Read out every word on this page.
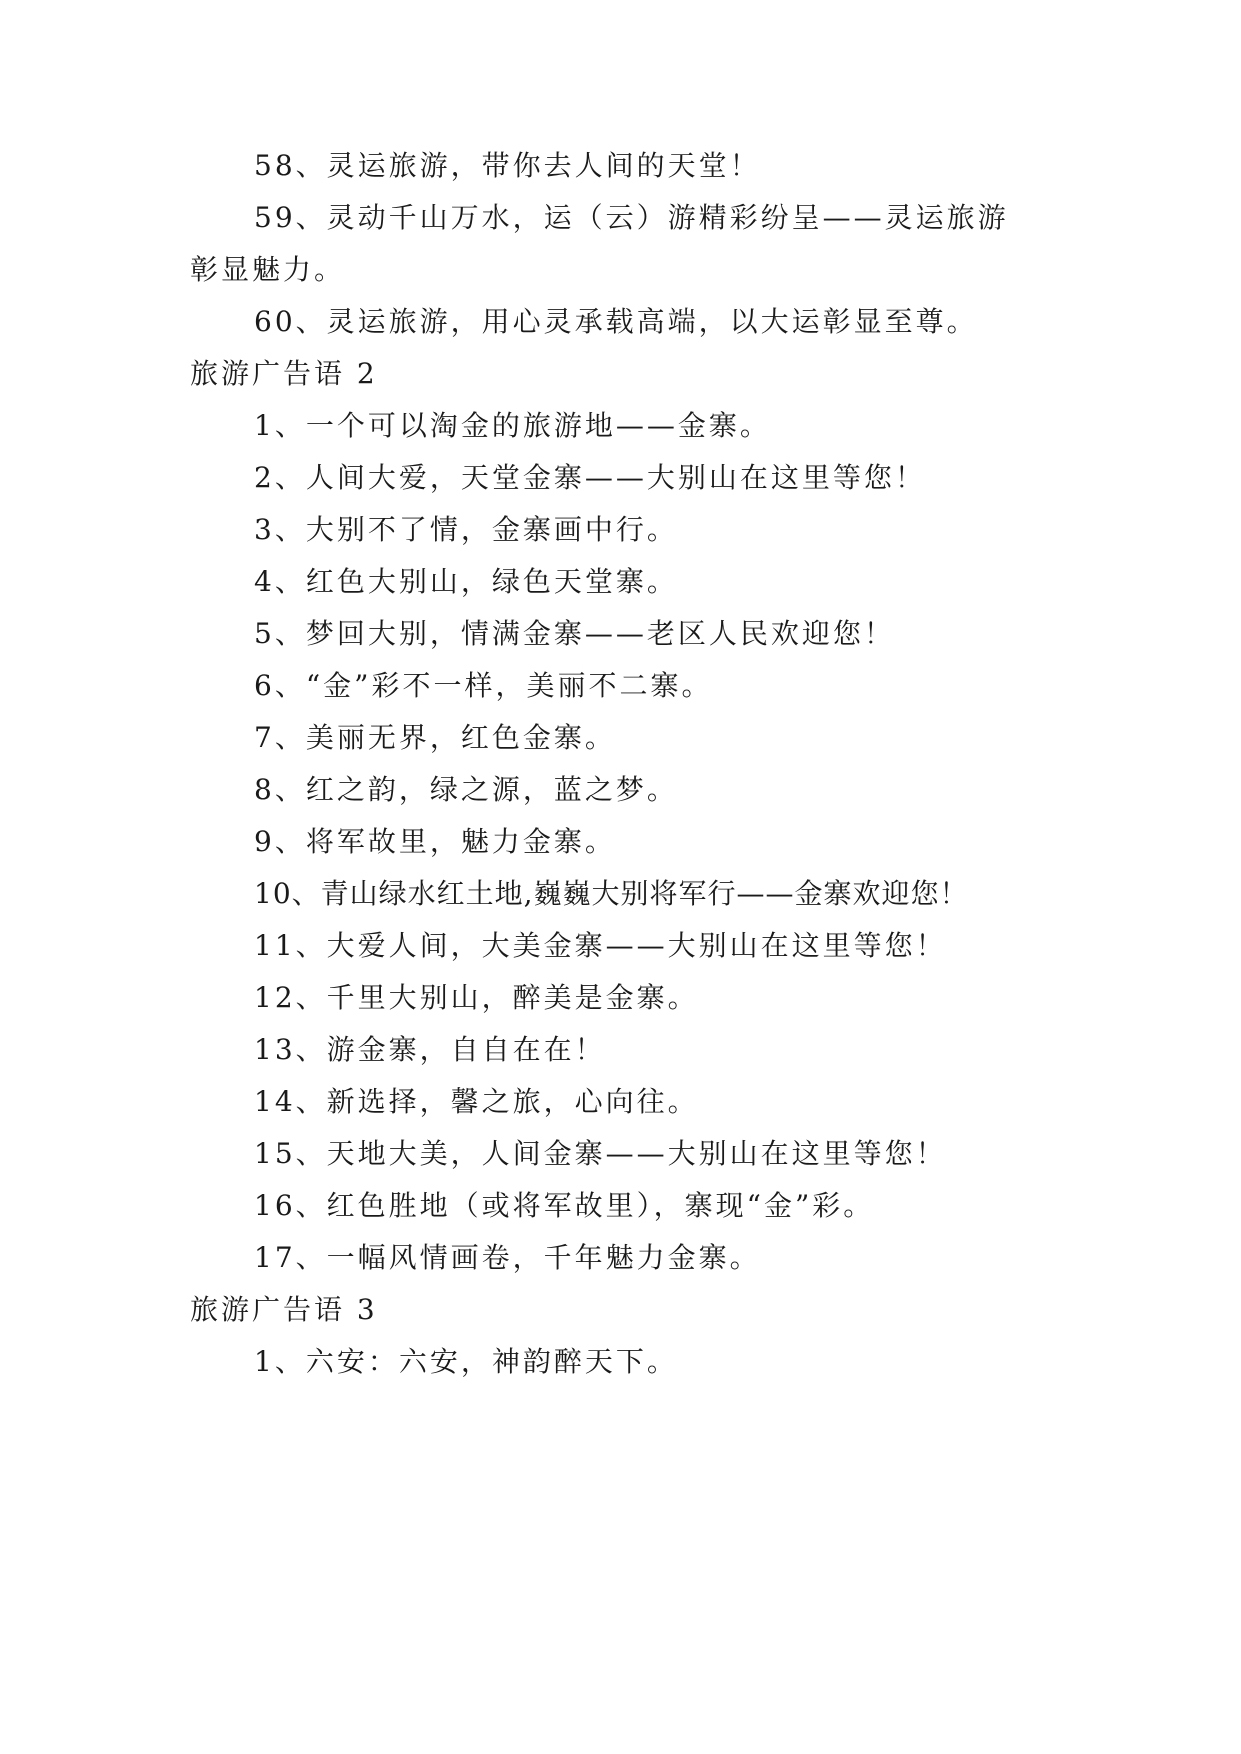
58、灵运旅游，带你去人间的天堂！
59、灵动千山万水，运（云）游精彩纷呈——灵运旅游
彰显魅力。
60、灵运旅游，用心灵承载高端，以大运彰显至尊。
旅游广告语 2
1、一个可以淘金的旅游地——金寨。
2、人间大爱，天堂金寨——大别山在这里等您！
3、大别不了情，金寨画中行。
4、红色大别山，绿色天堂寨。
5、梦回大别，情满金寨——老区人民欢迎您！
6、“金”彩不一样，美丽不二寨。
7、美丽无界，红色金寨。
8、红之韵，绿之源，蓝之梦。
9、将军故里，魅力金寨。
10、青山绿水红土地,巍巍大别将军行——金寨欢迎您！
11、大爱人间，大美金寨——大别山在这里等您！
12、千里大别山，醉美是金寨。
13、游金寨，自自在在！
14、新选择，馨之旅，心向往。
15、天地大美，人间金寨——大别山在这里等您！
16、红色胜地（或将军故里），寨现“金”彩。
17、一幅风情画卷，千年魅力金寨。
旅游广告语 3
1、六安：六安，神韵醉天下。
